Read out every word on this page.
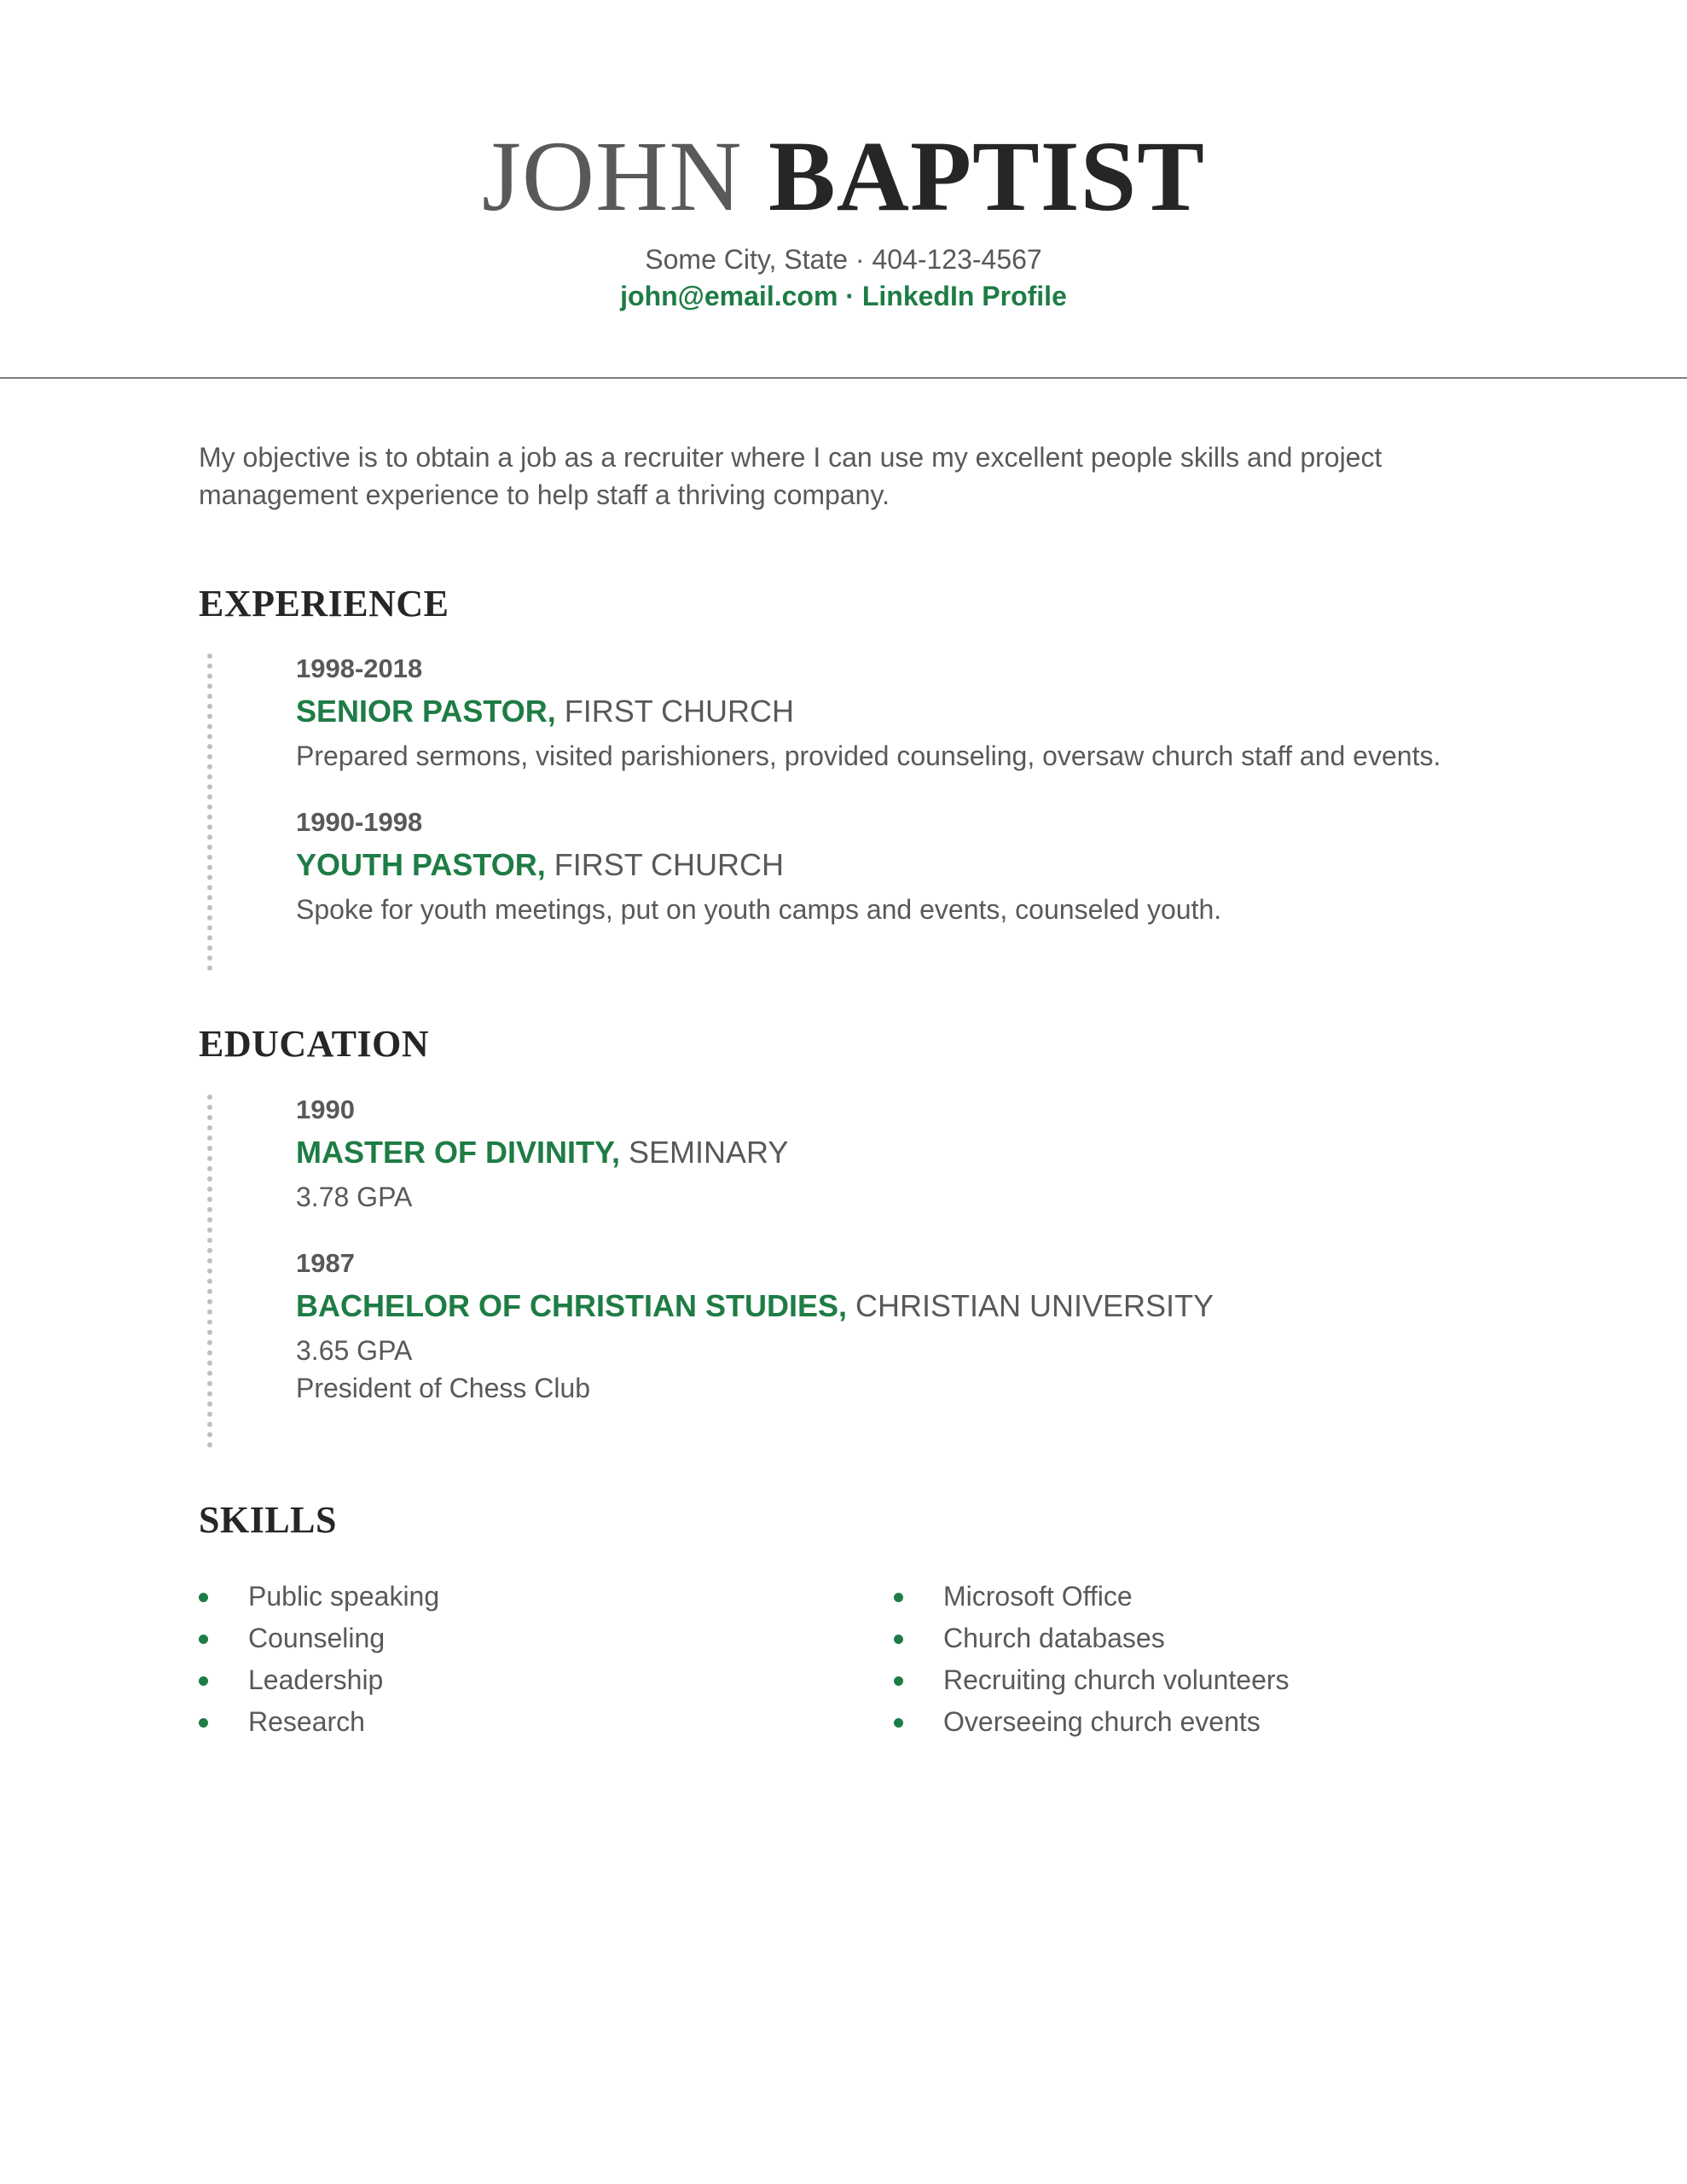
JOHN BAPTIST
Some City, State · 404-123-4567
john@email.com · LinkedIn Profile
My objective is to obtain a job as a recruiter where I can use my excellent people skills and project management experience to help staff a thriving company.
EXPERIENCE
1998-2018
SENIOR PASTOR, FIRST CHURCH
Prepared sermons, visited parishioners, provided counseling, oversaw church staff and events.
1990-1998
YOUTH PASTOR, FIRST CHURCH
Spoke for youth meetings, put on youth camps and events, counseled youth.
EDUCATION
1990
MASTER OF DIVINITY, SEMINARY
3.78 GPA
1987
BACHELOR OF CHRISTIAN STUDIES, CHRISTIAN UNIVERSITY
3.65 GPA
President of Chess Club
SKILLS
Public speaking
Counseling
Leadership
Research
Microsoft Office
Church databases
Recruiting church volunteers
Overseeing church events
